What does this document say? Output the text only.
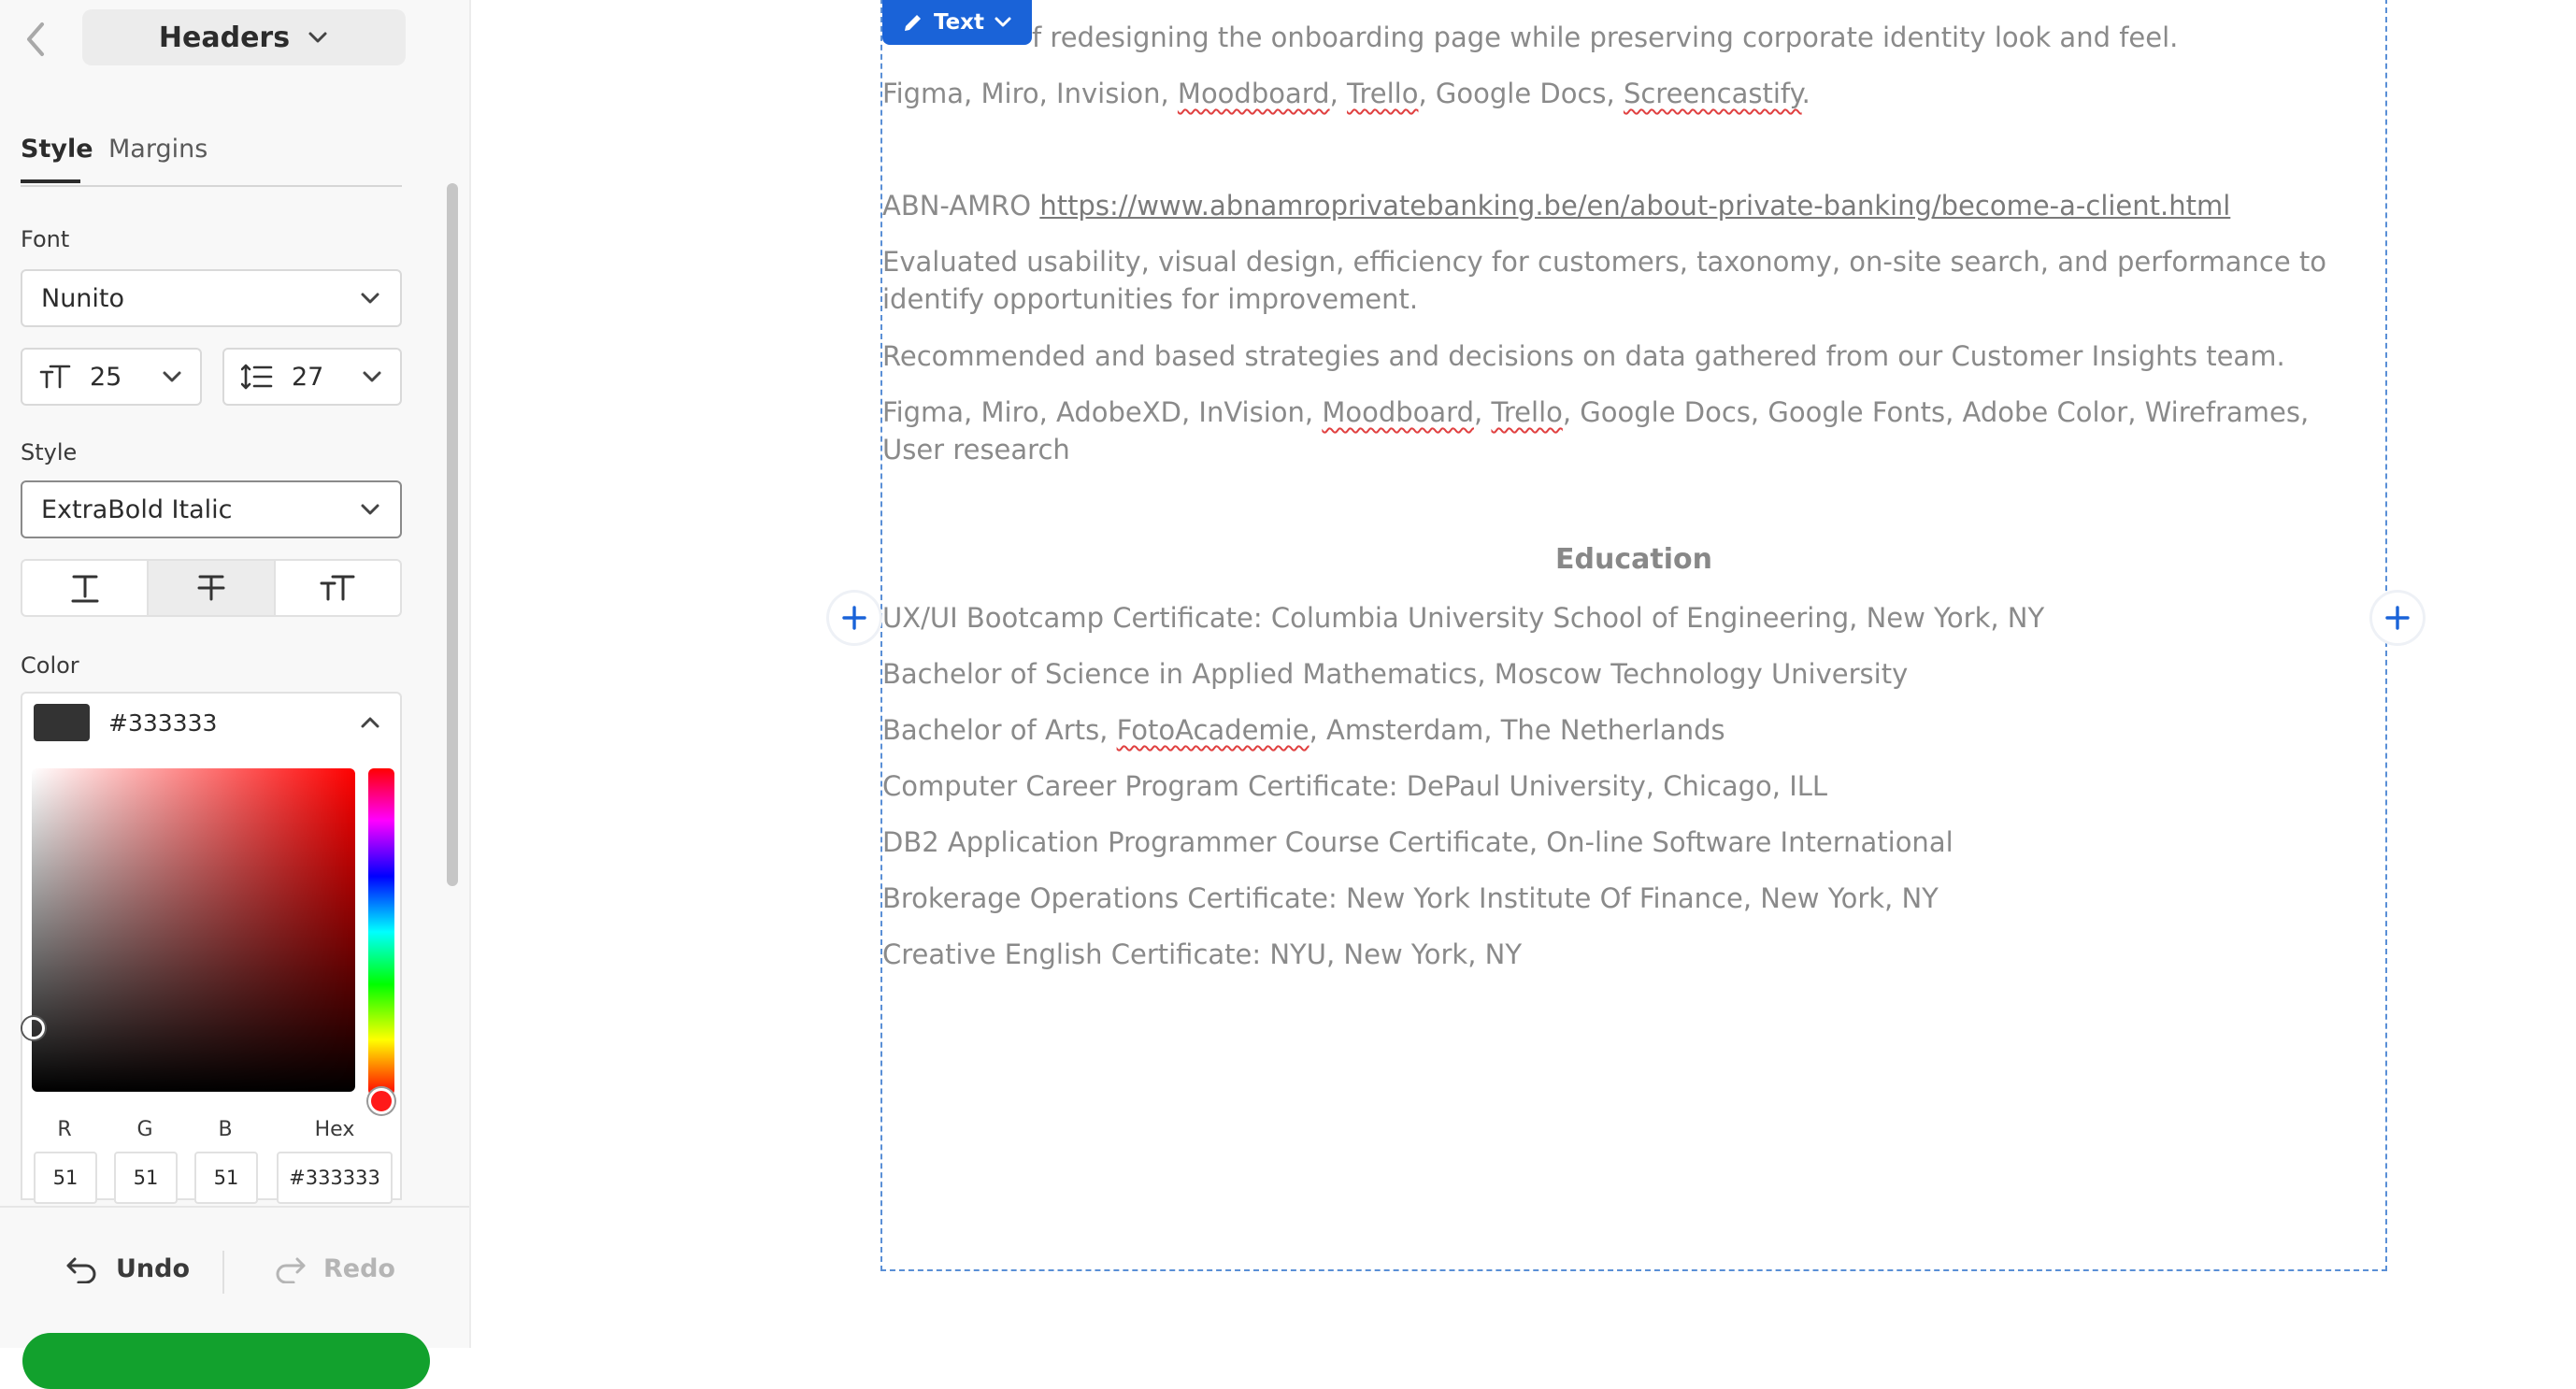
Headers
Style Margins
Font
Nunito
25	27
Style
ExtraBold Italic
Color
#333333
R	G	B	Hex
51	51	51	#333333
Undo	Redo
Text f redesigning the onboarding page while preserving corporate identity look and feel.
Figma, Miro, Invision, Moodboard, Trello, Google Docs, Screencastify.
ABN-AMRO https://www.abnamroprivatebanking.be/en/about-private-banking/become-a-client.html
Evaluated usability, visual design, efficiency for customers, taxonomy, on-site search, and performance to identify opportunities for improvement.
Recommended and based strategies and decisions on data gathered from our Customer Insights team.
Figma, Miro, AdobeXD, InVision, Moodboard, Trello, Google Docs, Google Fonts, Adobe Color, Wireframes, User research
Education
UX/UI Bootcamp Certificate: Columbia University School of Engineering, New York, NY
Bachelor of Science in Applied Mathematics, Moscow Technology University
Bachelor of Arts, FotoAcademie, Amsterdam, The Netherlands
Computer Career Program Certificate: DePaul University, Chicago, ILL
DB2 Application Programmer Course Certificate, On-line Software International
Brokerage Operations Certificate: New York Institute Of Finance, New York, NY
Creative English Certificate: NYU, New York, NY
